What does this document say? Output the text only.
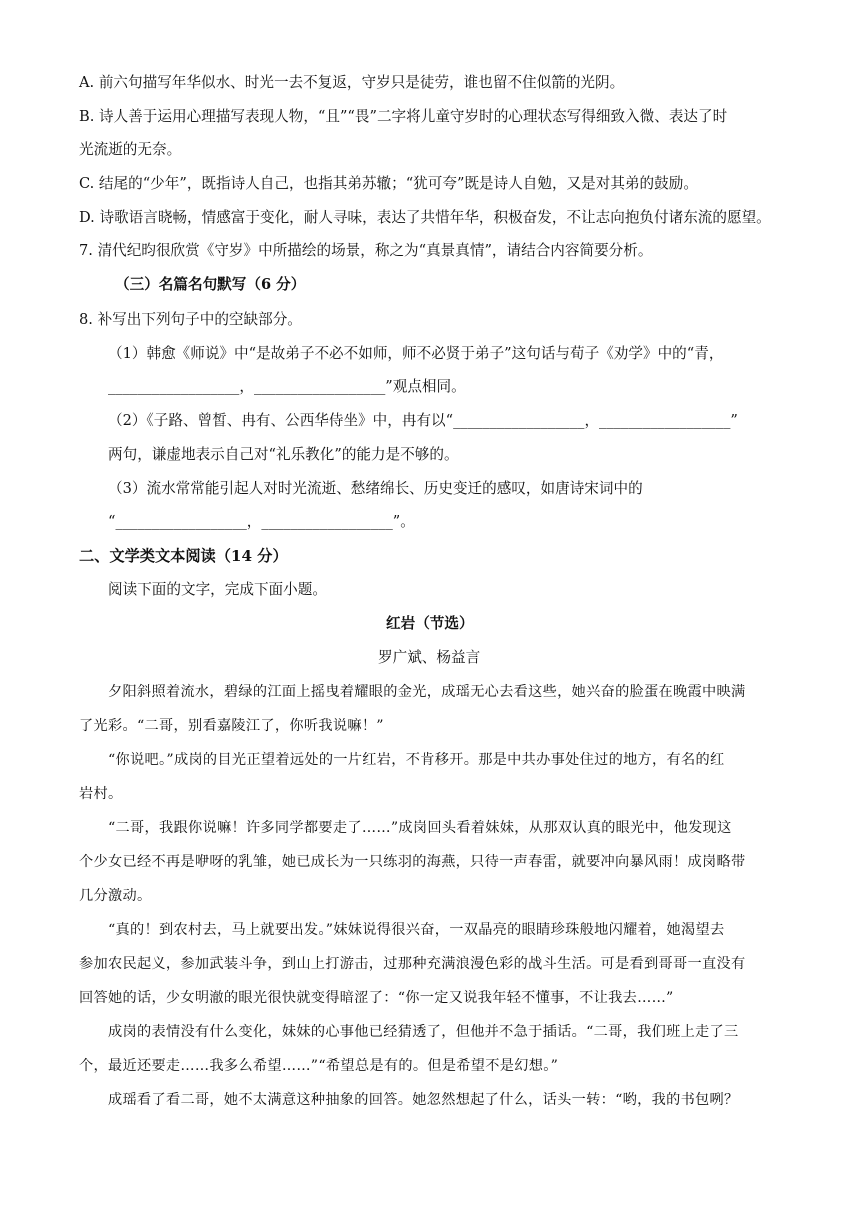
A. 前六句描写年华似水、时光一去不复返，守岁只是徒劳，谁也留不住似箭的光阴。
B. 诗人善于运用心理描写表现人物，“且”“畏”二字将儿童守岁时的心理状态写得细致入微、表达了时
光流逝的无奈。
C. 结尾的“少年”，既指诗人自己，也指其弟苏辙；“犹可夸”既是诗人自勉，又是对其弟的鼓励。
D. 诗歌语言晓畅，情感富于变化，耐人寻味，表达了共惜年华，积极奋发，不让志向抱负付诸东流的愿望。
7. 清代纪昀很欣赏《守岁》中所描绘的场景，称之为“真景真情”，请结合内容简要分析。
（三）名篇名句默写（6 分）
8. 补写出下列句子中的空缺部分。
（1）韩愈《师说》中“是故弟子不必不如师，师不必贤于弟子”这句话与荀子《劝学》中的“青，
__________________，__________________”观点相同。
（2）《子路、曾皙、冉有、公西华侍坐》中，冉有以“__________________，__________________”
两句，谦虚地表示自己对“礼乐教化”的能力是不够的。
（3）流水常常能引起人对时光流逝、愁绪绵长、历史变迁的感叹，如唐诗宋词中的
“__________________，__________________”。
二、文学类文本阅读（14 分）
阅读下面的文字，完成下面小题。
红岩（节选）
罗广斌、杨益言
夕阳斜照着流水，碧绿的江面上摇曳着耀眼的金光，成瑶无心去看这些，她兴奋的脸蛋在晚霞中映满
了光彩。“二哥，别看嘉陵江了，你听我说嘛！”
“你说吧。”成岗的目光正望着远处的一片红岩，不肯移开。那是中共办事处住过的地方，有名的红
岩村。
“二哥，我跟你说嘛！许多同学都要走了……”成岗回头看着妹妹，从那双认真的眼光中，他发现这
个少女已经不再是咿呀的乳雏，她已成长为一只练羽的海燕，只待一声春雷，就要冲向暴风雨！成岗略带
几分激动。
“真的！到农村去，马上就要出发。”妹妹说得很兴奋，一双晶亮的眼睛珍珠般地闪耀着，她渴望去
参加农民起义，参加武装斗争，到山上打游击，过那种充满浪漫色彩的战斗生活。可是看到哥哥一直没有
回答她的话，少女明澈的眼光很快就变得暗涩了：“你一定又说我年轻不懂事，不让我去……”
成岗的表情没有什么变化，妹妹的心事他已经猜透了，但他并不急于插话。“二哥，我们班上走了三
个，最近还要走……我多么希望……”“希望总是有的。但是希望不是幻想。”
成瑶看了看二哥，她不太满意这种抽象的回答。她忽然想起了什么，话头一转：“哟，我的书包咧？
